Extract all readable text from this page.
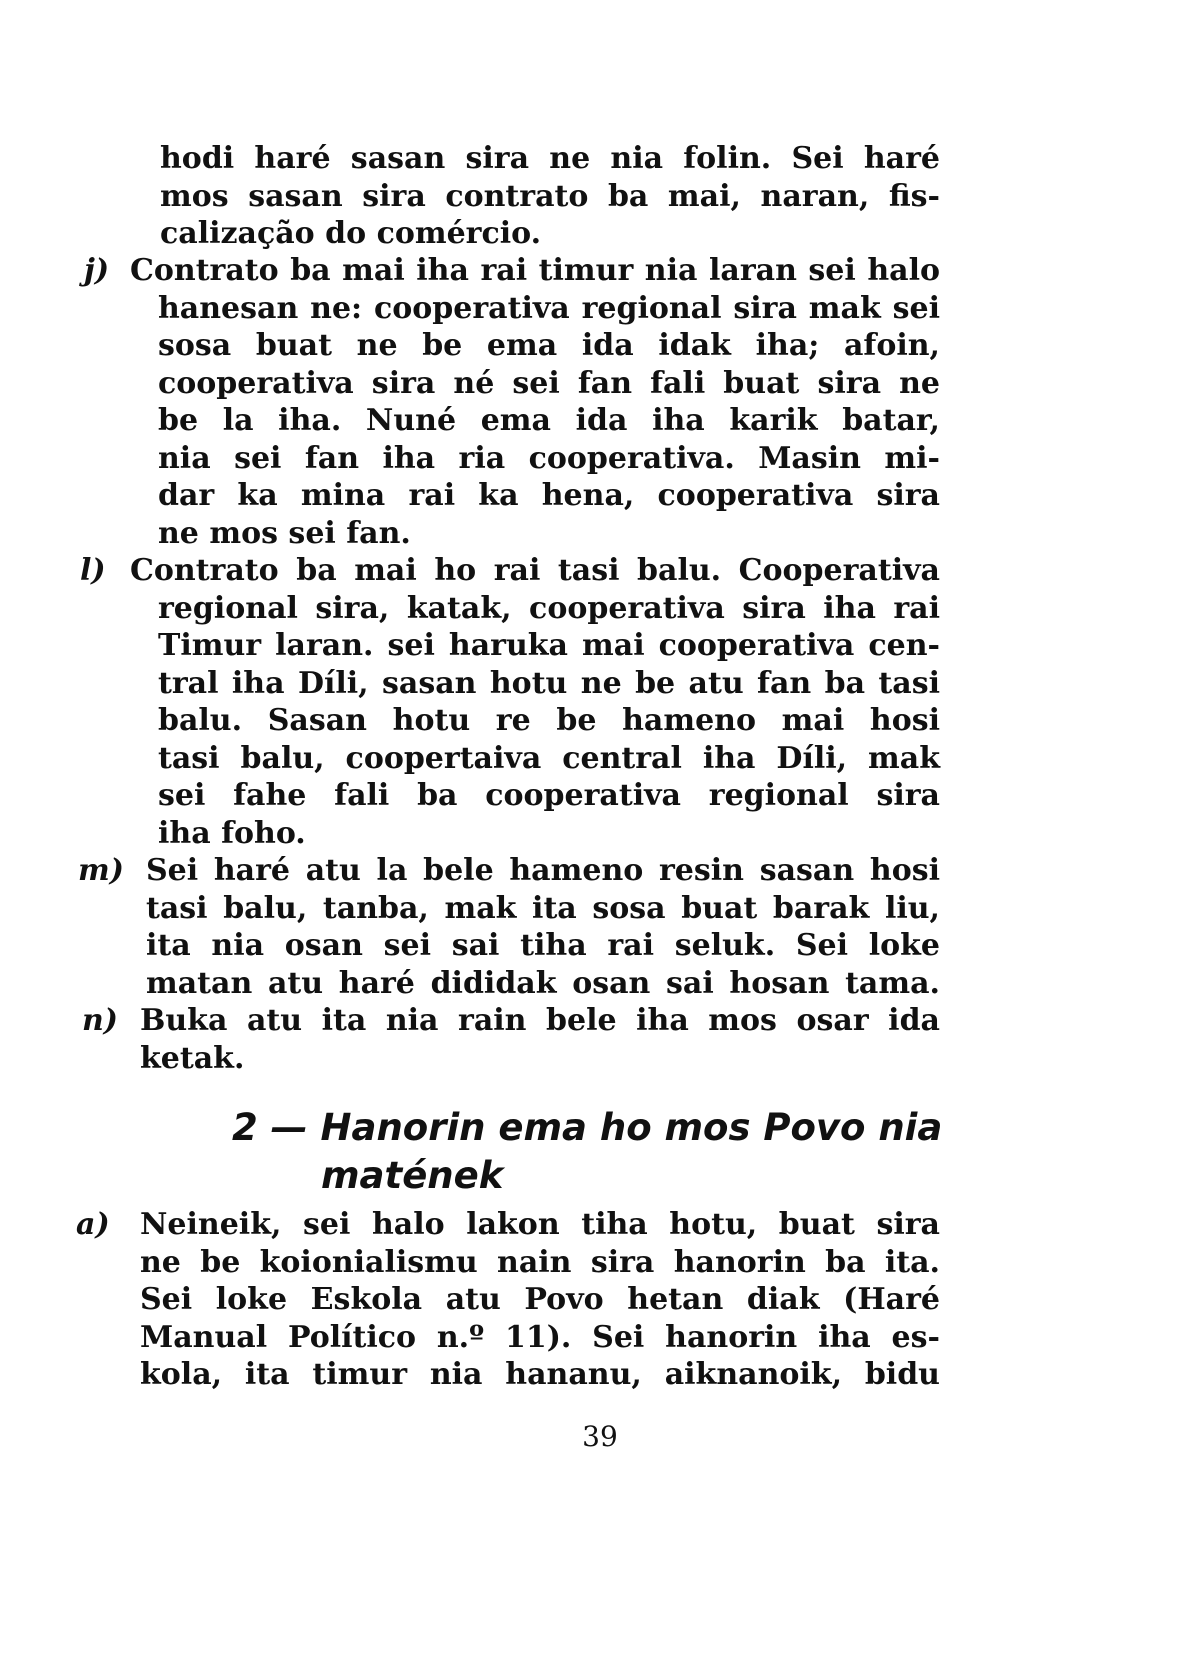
hodi haré sasan sira ne nia folin. Sei haré
mos sasan sira contrato ba mai, naran, fis-
calização do comércio.
j) Contrato ba mai iha rai timur nia laran sei halo
hanesan ne: cooperativa regional sira mak sei
sosa buat ne be ema ida idak iha; afoin,
cooperativa sira né sei fan fali buat sira ne
be la iha. Nuné ema ida iha karik batar,
nia sei fan iha ria cooperativa. Masin mi-
dar ka mina rai ka hena, cooperativa sira
ne mos sei fan.
l) Contrato ba mai ho rai tasi balu. Cooperativa
regional sira, katak, cooperativa sira iha rai
Timur laran. sei haruka mai cooperativa cen-
tral iha Díli, sasan hotu ne be atu fan ba tasi
balu. Sasan hotu re be hameno mai hosi
tasi balu, coopertaiva central iha Díli, mak
sei fahe fali ba cooperativa regional sira
iha foho.
m) Sei haré atu la bele hameno resin sasan hosi
tasi balu, tanba, mak ita sosa buat barak liu,
ita nia osan sei sai tiha rai seluk. Sei loke
matan atu haré dididak osan sai hosan tama.
n) Buka atu ita nia rain bele iha mos osar ida
ketak.
2 — Hanorin ema ho mos Povo nia
matének
a) Neineik, sei halo lakon tiha hotu, buat sira
ne be koionialismu nain sira hanorin ba ita.
Sei loke Eskola atu Povo hetan diak (Haré
Manual Político n.º 11). Sei hanorin iha es-
kola, ita timur nia hananu, aiknanoik, bidu
39
